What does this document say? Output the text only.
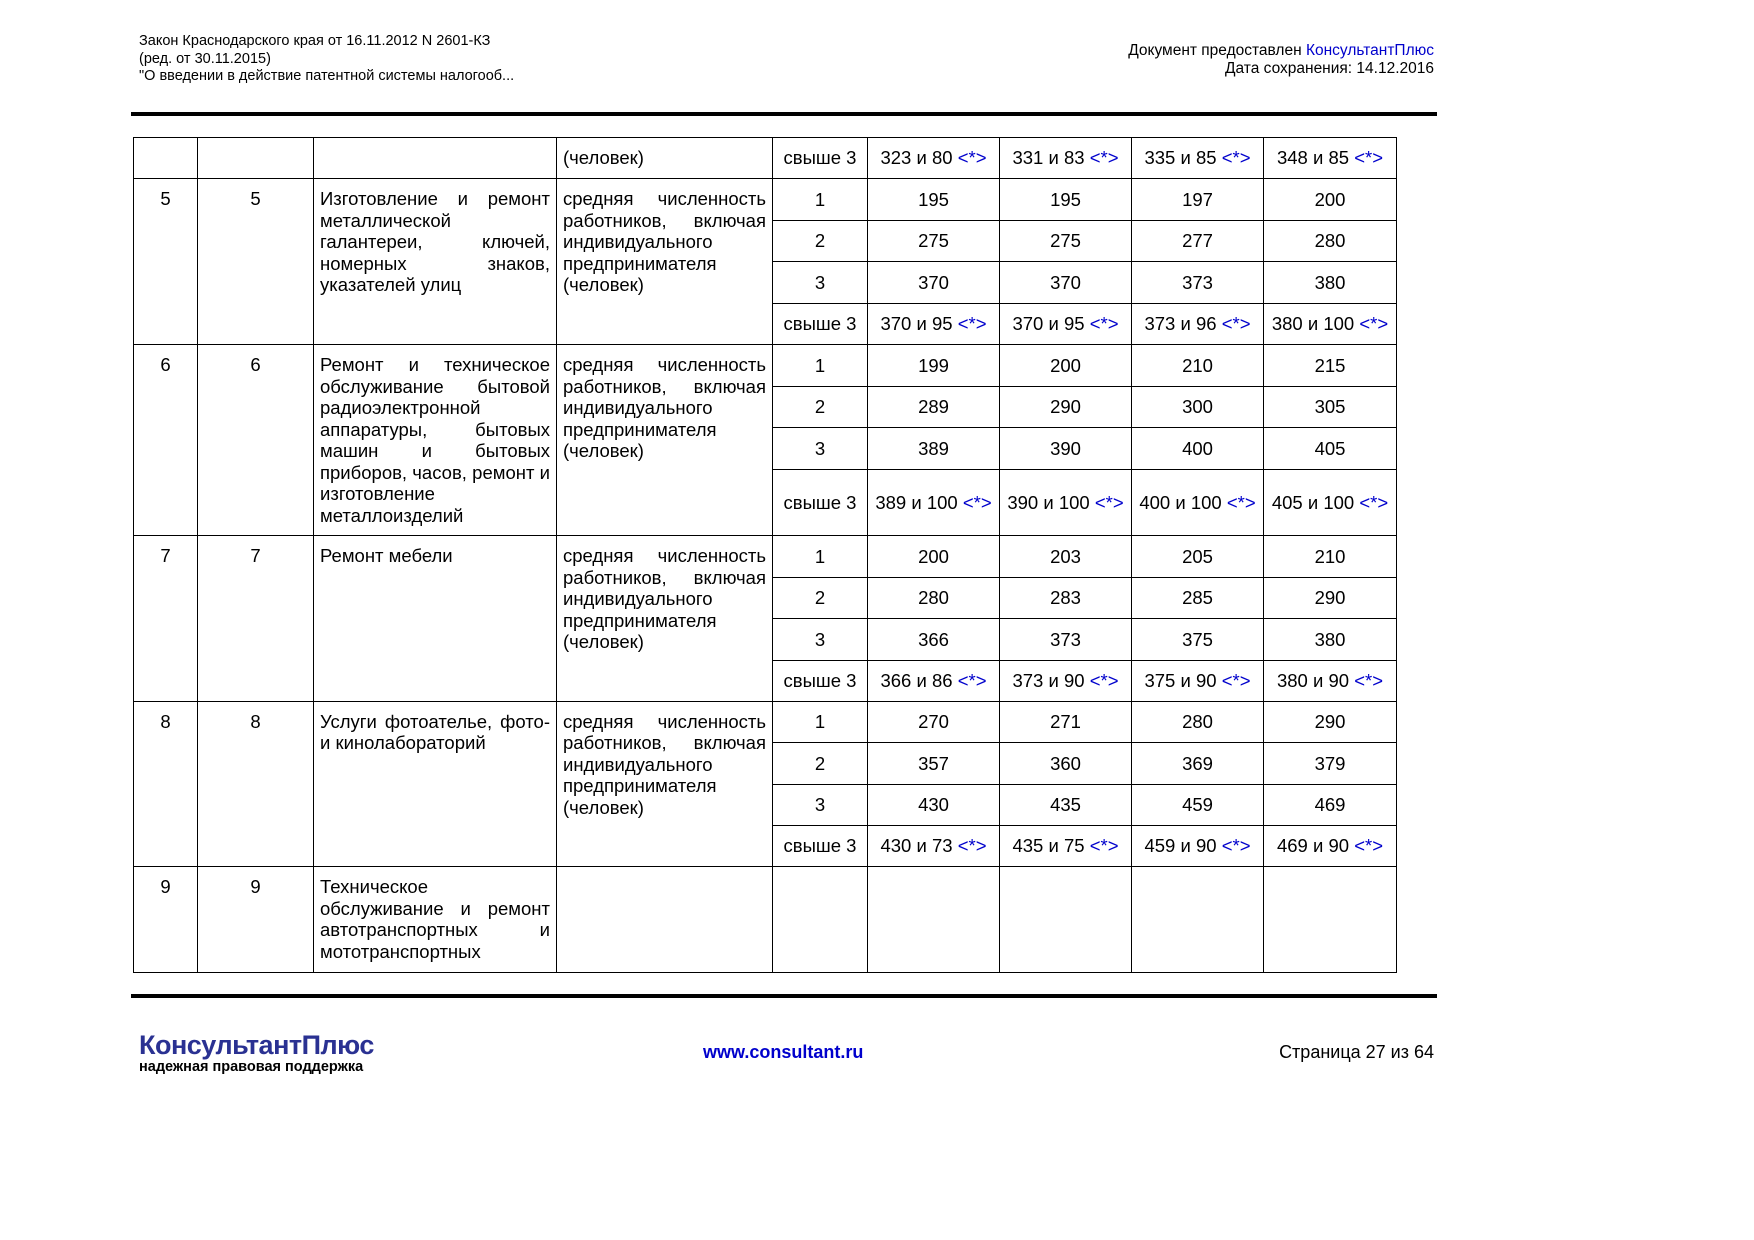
Закон Краснодарского края от 16.11.2012 N 2601-КЗ
(ред. от 30.11.2015)
"О введении в действие патентной системы налогооб...
Документ предоставлен КонсультантПлюс
Дата сохранения: 14.12.2016
			(человек)	свыше 3	323 и 80 <*>	331 и 83 <*>	335 и 85 <*>	348 и 85 <*>
5	5	Изготовление и ремонт металлической галантереи, ключей, номерных знаков, указателей улиц	средняя численность работников, включая индивидуального предпринимателя (человек)	1	195	195	197	200
				2	275	275	277	280
				3	370	370	373	380
				свыше 3	370 и 95 <*>	370 и 95 <*>	373 и 96 <*>	380 и 100 <*>
6	6	Ремонт и техническое обслуживание бытовой радиоэлектронной аппаратуры, бытовых машин и бытовых приборов, часов, ремонт и изготовление металлоизделий	средняя численность работников, включая индивидуального предпринимателя (человек)	1	199	200	210	215
				2	289	290	300	305
				3	389	390	400	405
				свыше 3	389 и 100 <*>	390 и 100 <*>	400 и 100 <*>	405 и 100 <*>
7	7	Ремонт мебели	средняя численность работников, включая индивидуального предпринимателя (человек)	1	200	203	205	210
				2	280	283	285	290
				3	366	373	375	380
				свыше 3	366 и 86 <*>	373 и 90 <*>	375 и 90 <*>	380 и 90 <*>
8	8	Услуги фотоателье, фото- и кинолабораторий	средняя численность работников, включая индивидуального предпринимателя (человек)	1	270	271	280	290
				2	357	360	369	379
				3	430	435	459	469
				свыше 3	430 и 73 <*>	435 и 75 <*>	459 и 90 <*>	469 и 90 <*>
9	9	Техническое обслуживание и ремонт автотранспортных и мототранспортных						
КонсультантПлюс
надежная правовая поддержка
www.consultant.ru	Страница 27 из 64
